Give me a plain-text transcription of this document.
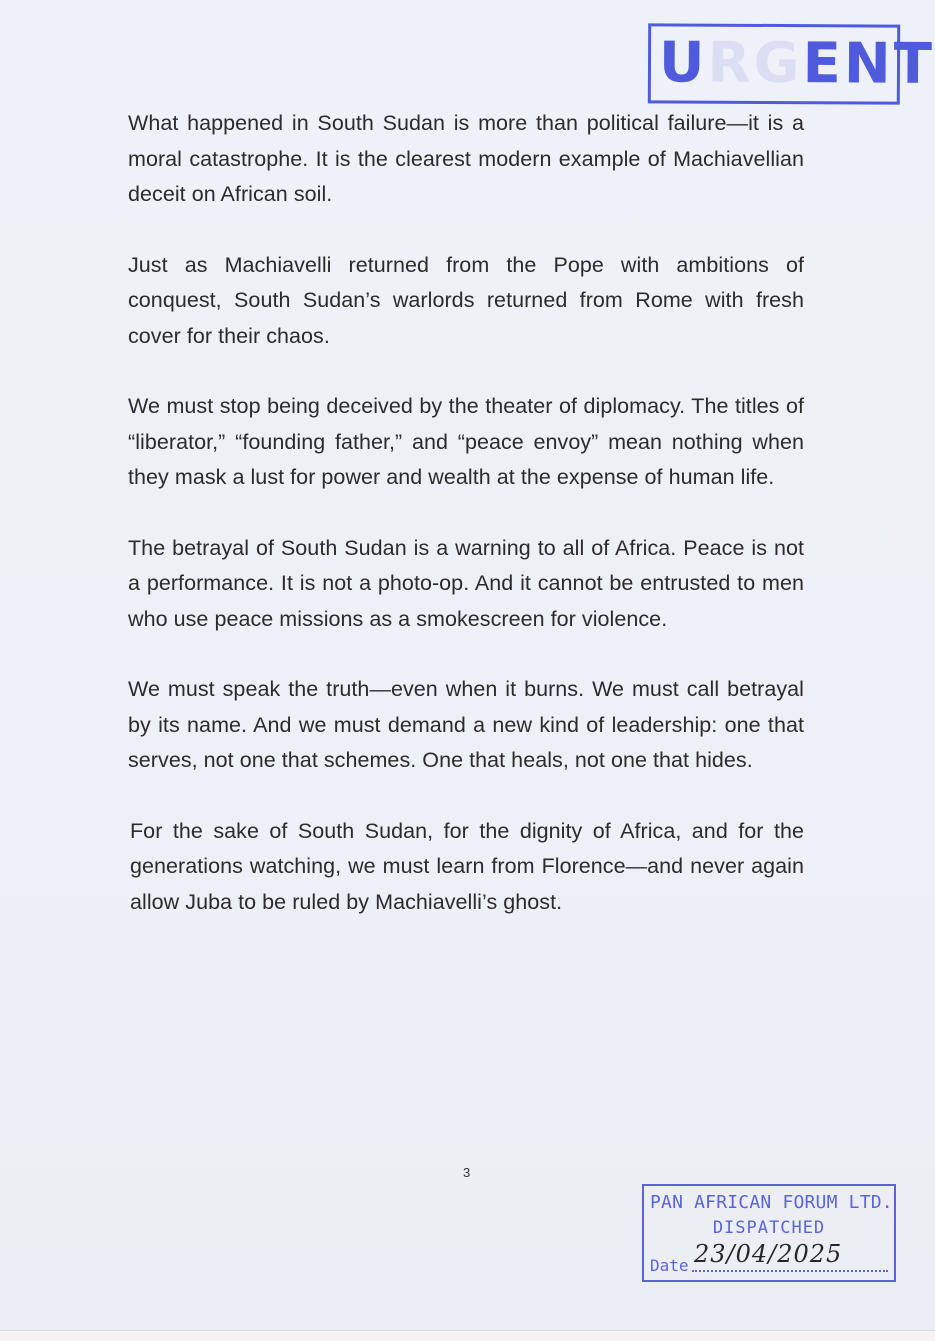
URGENT

What happened in South Sudan is more than political failure—it is a moral catastrophe. It is the clearest modern example of Machiavellian deceit on African soil.

Just as Machiavelli returned from the Pope with ambitions of conquest, South Sudan’s warlords returned from Rome with fresh cover for their chaos.

We must stop being deceived by the theater of diplomacy. The titles of “liberator,” “founding father,” and “peace envoy” mean nothing when they mask a lust for power and wealth at the expense of human life.

The betrayal of South Sudan is a warning to all of Africa. Peace is not a performance. It is not a photo-op. And it cannot be entrusted to men who use peace missions as a smokescreen for violence.

We must speak the truth—even when it burns. We must call betrayal by its name. And we must demand a new kind of leadership: one that serves, not one that schemes. One that heals, not one that hides.

For the sake of South Sudan, for the dignity of Africa, and for the generations watching, we must learn from Florence—and never again allow Juba to be ruled by Machiavelli’s ghost.

3
PAN AFRICAN FORUM LTD.
DISPATCHED
Date 23/04/2025
